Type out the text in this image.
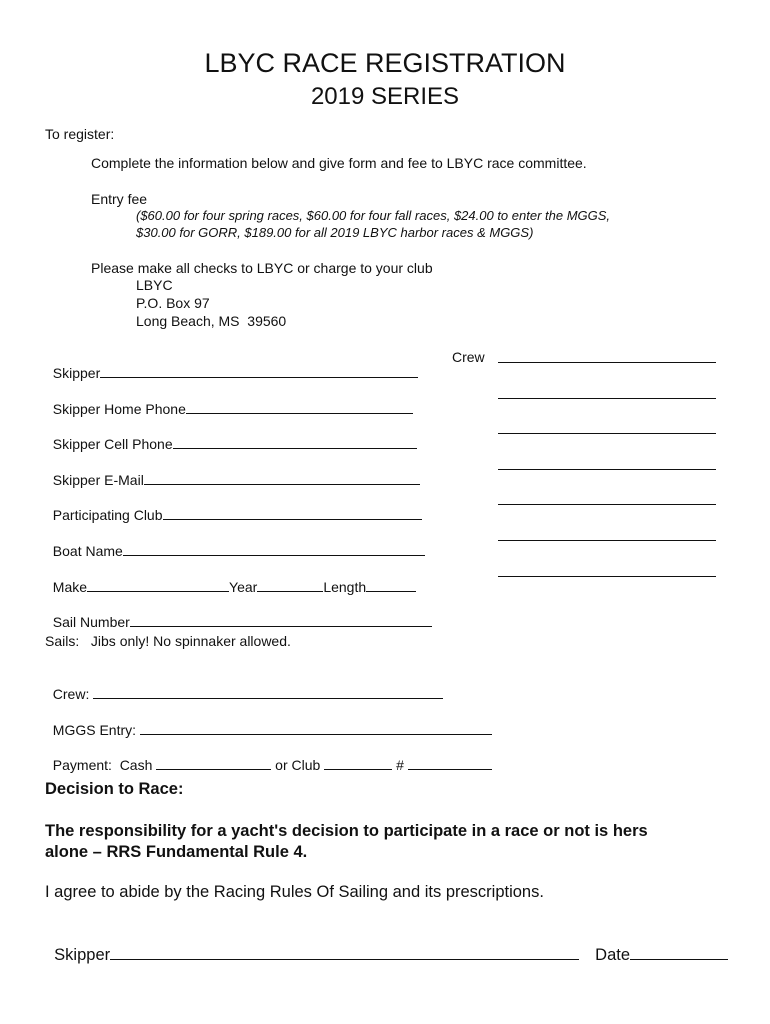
LBYC RACE REGISTRATION
2019 SERIES
To register:
Complete the information below and give form and fee to LBYC race committee.
Entry fee
($60.00 for four spring races, $60.00 for four fall races, $24.00 to enter the MGGS,
$30.00 for GORR, $189.00 for all 2019 LBYC harbor races & MGGS)
Please make all checks to LBYC or charge to your club
LBYC
P.O. Box 97
Long Beach, MS  39560

Skipper

Crew

Skipper Home Phone

Skipper Cell Phone

Skipper E-Mail

Participating Club

Boat Name

Make	Year	Length

Sail Number

Sails:   Jibs only! No spinnaker allowed.

Crew:

MGGS Entry:

Payment:  Cash	or Club	#

Decision to Race:
The responsibility for a yacht's decision to participate in a race or not is hers
alone – RRS Fundamental Rule 4.
I agree to abide by the Racing Rules Of Sailing and its prescriptions.

Skipper	Date
